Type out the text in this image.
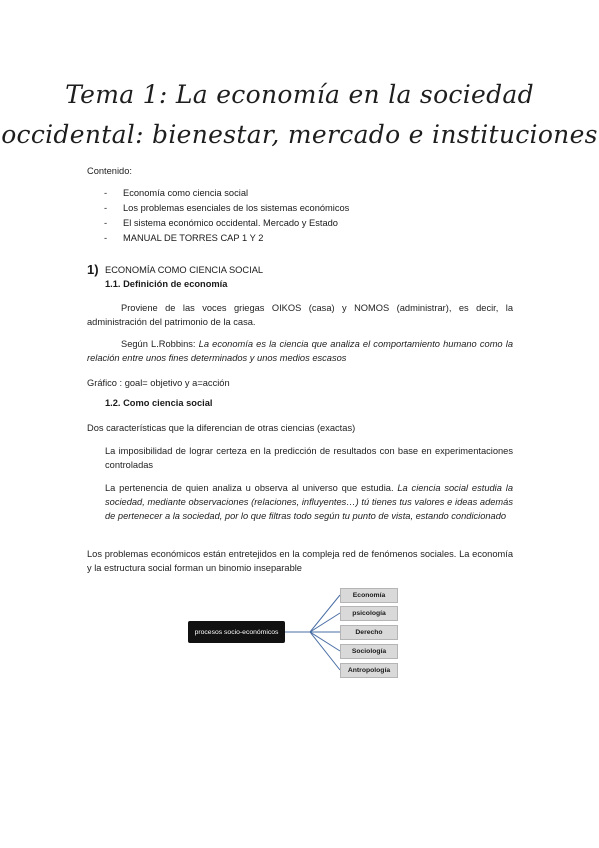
Tema 1: La economía en la sociedad
occidental: bienestar, mercado e instituciones
Contenido:
- Economía como ciencia social
- Los problemas esenciales de los sistemas económicos
- El sistema económico occidental. Mercado y Estado
- MANUAL DE TORRES CAP 1 Y 2
1) ECONOMÍA COMO CIENCIA SOCIAL
1.1. Definición de economía
Proviene de las voces griegas OIKOS (casa) y NOMOS (administrar), es decir, la administración del patrimonio de la casa.
Según L.Robbins: La economía es la ciencia que analiza el comportamiento humano como la relación entre unos fines determinados y unos medios escasos
Gráfico : goal= objetivo y a=acción
1.2. Como ciencia social
Dos características que la diferencian de otras ciencias (exactas)
La imposibilidad de lograr certeza en la predicción de resultados con base en experimentaciones controladas
La pertenencia de quien analiza u observa al universo que estudia. La ciencia social estudia la sociedad, mediante observaciones (relaciones, influyentes…) tú tienes tus valores e ideas además de pertenecer a la sociedad, por lo que filtras todo según tu punto de vista, estando condicionado
Los problemas económicos están entretejidos en la compleja red de fenómenos sociales. La economía y la estructura social forman un binomio inseparable
procesos socio-económicos
Economía
psicología
Derecho
Sociología
Antropología
